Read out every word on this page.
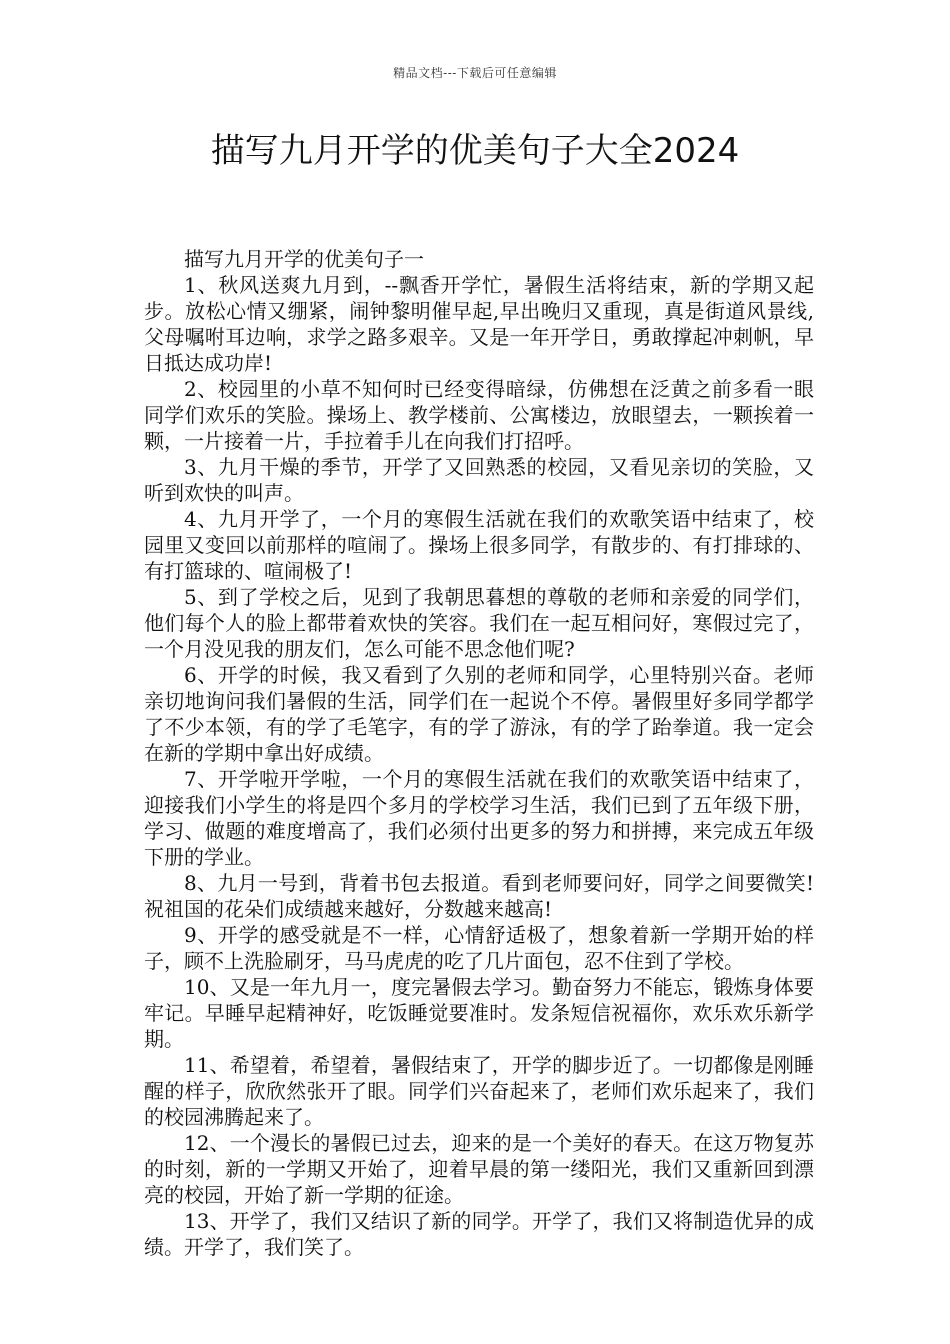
精品文档---下载后可任意编辑
描写九月开学的优美句子大全2024

描写九月开学的优美句子一

1、秋风送爽九月到，--飘香开学忙，暑假生活将结束，新的学期又起步。放松心情又绷紧，闹钟黎明催早起,早出晚归又重现，真是街道风景线,父母嘱咐耳边响，求学之路多艰辛。又是一年开学日，勇敢撑起冲刺帆，早日抵达成功岸!

2、校园里的小草不知何时已经变得暗绿，仿佛想在泛黄之前多看一眼同学们欢乐的笑脸。操场上、教学楼前、公寓楼边，放眼望去，一颗挨着一颗，一片接着一片，手拉着手儿在向我们打招呼。

3、九月干燥的季节，开学了又回熟悉的校园，又看见亲切的笑脸，又听到欢快的叫声。

4、九月开学了，一个月的寒假生活就在我们的欢歌笑语中结束了，校园里又变回以前那样的喧闹了。操场上很多同学，有散步的、有打排球的、有打篮球的、喧闹极了!

5、到了学校之后，见到了我朝思暮想的尊敬的老师和亲爱的同学们，他们每个人的脸上都带着欢快的笑容。我们在一起互相问好，寒假过完了，一个月没见我的朋友们，怎么可能不思念他们呢?

6、开学的时候，我又看到了久别的老师和同学，心里特别兴奋。老师亲切地询问我们暑假的生活，同学们在一起说个不停。暑假里好多同学都学了不少本领，有的学了毛笔字，有的学了游泳，有的学了跆拳道。我一定会在新的学期中拿出好成绩。

7、开学啦开学啦，一个月的寒假生活就在我们的欢歌笑语中结束了，迎接我们小学生的将是四个多月的学校学习生活，我们已到了五年级下册，学习、做题的难度增高了，我们必须付出更多的努力和拼搏，来完成五年级下册的学业。

8、九月一号到，背着书包去报道。看到老师要问好，同学之间要微笑!祝祖国的花朵们成绩越来越好，分数越来越高!

9、开学的感受就是不一样，心情舒适极了，想象着新一学期开始的样子，顾不上洗脸刷牙，马马虎虎的吃了几片面包，忍不住到了学校。

10、又是一年九月一，度完暑假去学习。勤奋努力不能忘，锻炼身体要牢记。早睡早起精神好，吃饭睡觉要准时。发条短信祝福你，欢乐欢乐新学期。

11、希望着，希望着，暑假结束了，开学的脚步近了。一切都像是刚睡醒的样子，欣欣然张开了眼。同学们兴奋起来了，老师们欢乐起来了，我们的校园沸腾起来了。

12、一个漫长的暑假已过去，迎来的是一个美好的春天。在这万物复苏的时刻，新的一学期又开始了，迎着早晨的第一缕阳光，我们又重新回到漂亮的校园，开始了新一学期的征途。

13、开学了，我们又结识了新的同学。开学了，我们又将制造优异的成绩。开学了，我们笑了。
